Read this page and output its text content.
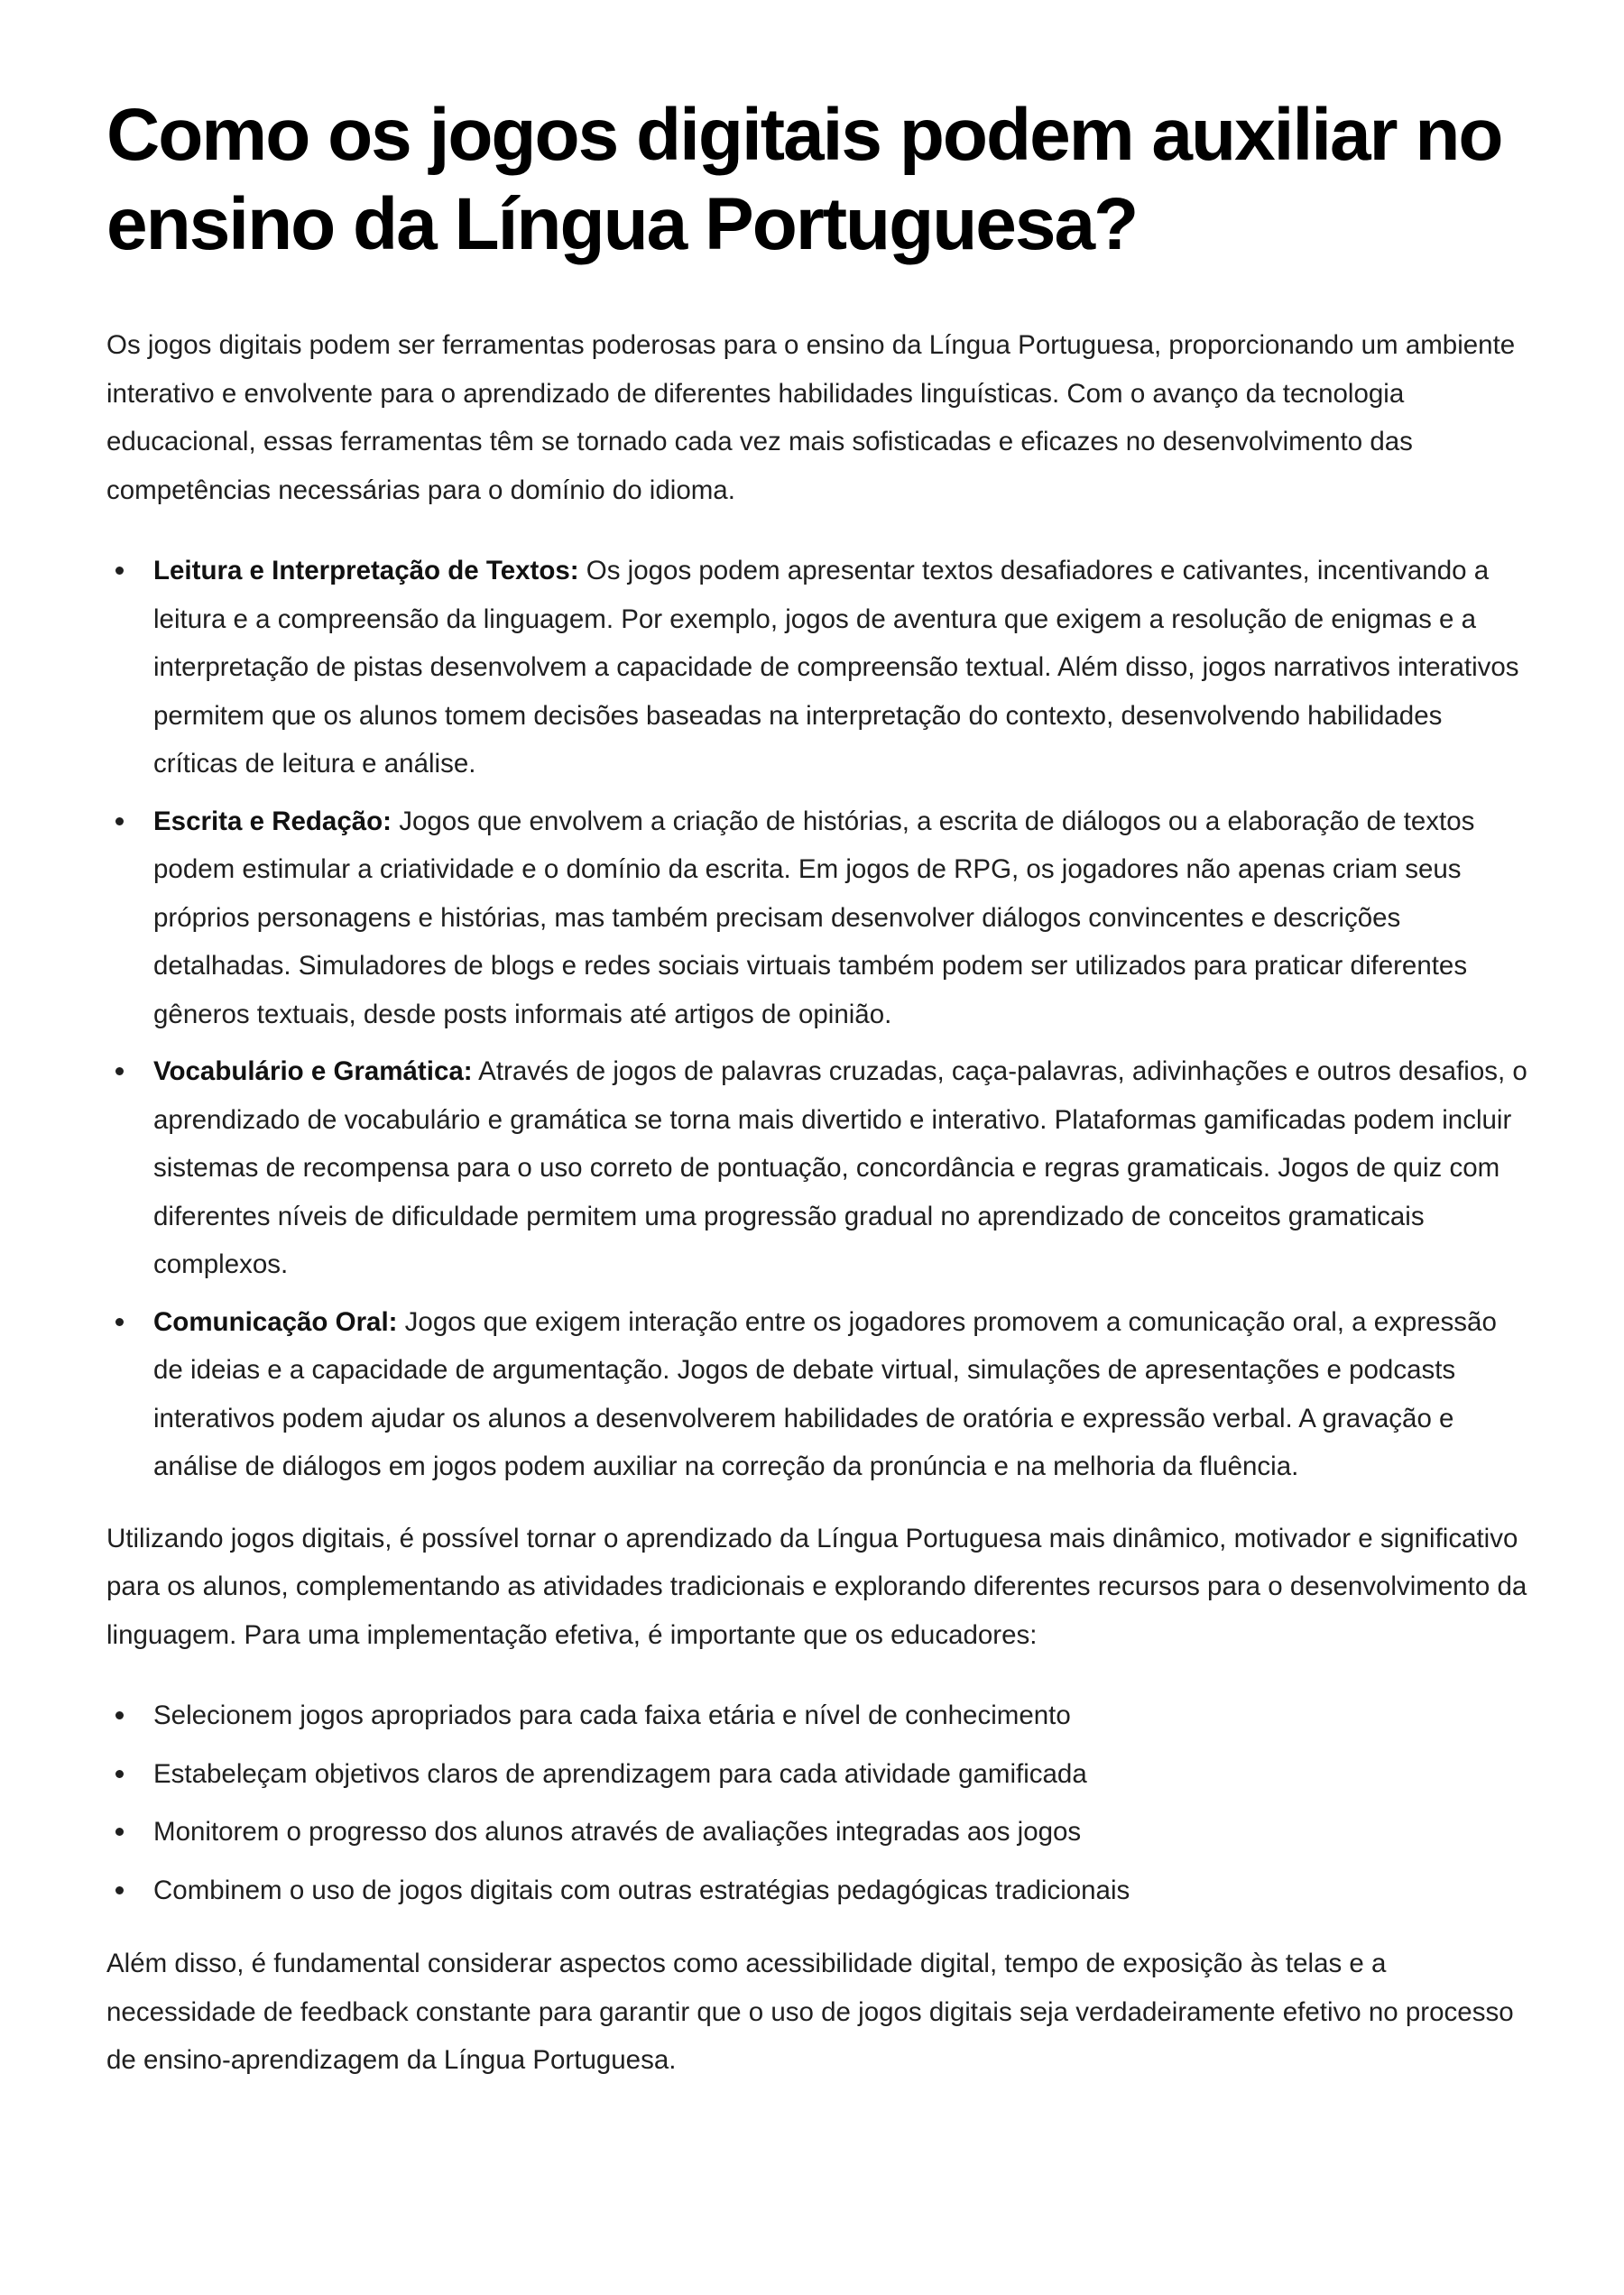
Como os jogos digitais podem auxiliar no ensino da Língua Portuguesa?

Os jogos digitais podem ser ferramentas poderosas para o ensino da Língua Portuguesa, proporcionando um ambiente interativo e envolvente para o aprendizado de diferentes habilidades linguísticas. Com o avanço da tecnologia educacional, essas ferramentas têm se tornado cada vez mais sofisticadas e eficazes no desenvolvimento das competências necessárias para o domínio do idioma.

Leitura e Interpretação de Textos: Os jogos podem apresentar textos desafiadores e cativantes, incentivando a leitura e a compreensão da linguagem. Por exemplo, jogos de aventura que exigem a resolução de enigmas e a interpretação de pistas desenvolvem a capacidade de compreensão textual. Além disso, jogos narrativos interativos permitem que os alunos tomem decisões baseadas na interpretação do contexto, desenvolvendo habilidades críticas de leitura e análise.
Escrita e Redação: Jogos que envolvem a criação de histórias, a escrita de diálogos ou a elaboração de textos podem estimular a criatividade e o domínio da escrita. Em jogos de RPG, os jogadores não apenas criam seus próprios personagens e histórias, mas também precisam desenvolver diálogos convincentes e descrições detalhadas. Simuladores de blogs e redes sociais virtuais também podem ser utilizados para praticar diferentes gêneros textuais, desde posts informais até artigos de opinião.
Vocabulário e Gramática: Através de jogos de palavras cruzadas, caça-palavras, adivinhações e outros desafios, o aprendizado de vocabulário e gramática se torna mais divertido e interativo. Plataformas gamificadas podem incluir sistemas de recompensa para o uso correto de pontuação, concordância e regras gramaticais. Jogos de quiz com diferentes níveis de dificuldade permitem uma progressão gradual no aprendizado de conceitos gramaticais complexos.
Comunicação Oral: Jogos que exigem interação entre os jogadores promovem a comunicação oral, a expressão de ideias e a capacidade de argumentação. Jogos de debate virtual, simulações de apresentações e podcasts interativos podem ajudar os alunos a desenvolverem habilidades de oratória e expressão verbal. A gravação e análise de diálogos em jogos podem auxiliar na correção da pronúncia e na melhoria da fluência.

Utilizando jogos digitais, é possível tornar o aprendizado da Língua Portuguesa mais dinâmico, motivador e significativo para os alunos, complementando as atividades tradicionais e explorando diferentes recursos para o desenvolvimento da linguagem. Para uma implementação efetiva, é importante que os educadores:

Selecionem jogos apropriados para cada faixa etária e nível de conhecimento
Estabeleçam objetivos claros de aprendizagem para cada atividade gamificada
Monitorem o progresso dos alunos através de avaliações integradas aos jogos
Combinem o uso de jogos digitais com outras estratégias pedagógicas tradicionais

Além disso, é fundamental considerar aspectos como acessibilidade digital, tempo de exposição às telas e a necessidade de feedback constante para garantir que o uso de jogos digitais seja verdadeiramente efetivo no processo de ensino-aprendizagem da Língua Portuguesa.
